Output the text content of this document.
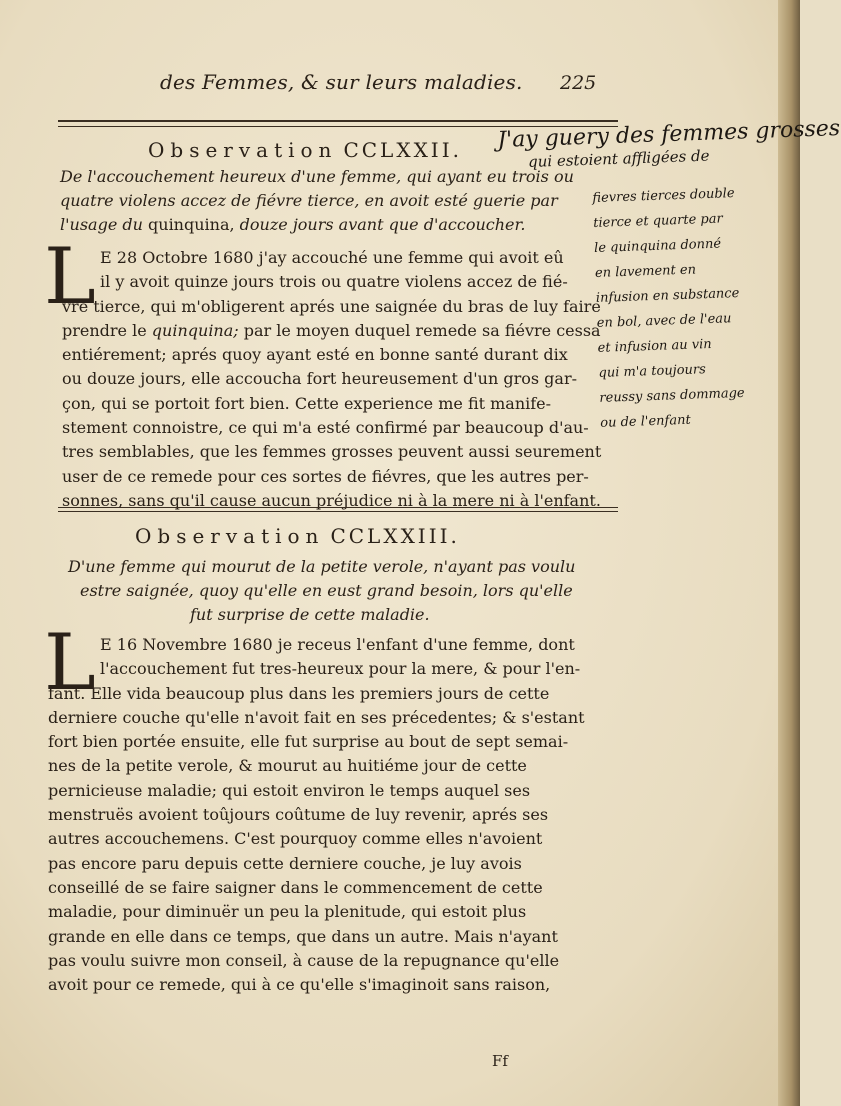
des Femmes, & sur leurs maladies.	225
Observation CCLXXII.

De l'accouchement heureux d'une femme, qui ayant eu trois ou

quatre violens accez de fiévre tierce, en avoit esté guerie par

l'usage du quinquina, douze jours avant que d'accoucher.

L E 28 Octobre 1680 j'ay accouché une femme qui avoit eû

il y avoit quinze jours trois ou quatre violens accez de fié-

vre tierce, qui m'obligerent aprés une saignée du bras de luy faire

prendre le quinquina; par le moyen duquel remede sa fiévre cessa

entiérement; aprés quoy ayant esté en bonne santé durant dix

ou douze jours, elle accoucha fort heureusement d'un gros gar-

çon, qui se portoit fort bien. Cette experience me fit manife-

stement connoistre, ce qui m'a esté confirmé par beaucoup d'au-

tres semblables, que les femmes grosses peuvent aussi seurement

user de ce remede pour ces sortes de fiévres, que les autres per-

sonnes, sans qu'il cause aucun préjudice ni à la mere ni à l'enfant.

Observation CCLXXIII.

D'une femme qui mourut de la petite verole, n'ayant pas voulu

estre saignée, quoy qu'elle en eust grand besoin, lors qu'elle

fut surprise de cette maladie.

L E 16 Novembre 1680 je receus l'enfant d'une femme, dont

l'accouchement fut tres-heureux pour la mere, & pour l'en-

fant. Elle vida beaucoup plus dans les premiers jours de cette

derniere couche qu'elle n'avoit fait en ses précedentes; & s'estant

fort bien portée ensuite, elle fut surprise au bout de sept semai-

nes de la petite verole, & mourut au huitiéme jour de cette

pernicieuse maladie; qui estoit environ le temps auquel ses

menstruës avoient toûjours coûtume de luy revenir, aprés ses

autres accouchemens. C'est pourquoy comme elles n'avoient

pas encore paru depuis cette derniere couche, je luy avois

conseillé de se faire saigner dans le commencement de cette

maladie, pour diminuër un peu la plenitude, qui estoit plus

grande en elle dans ce temps, que dans un autre. Mais n'ayant

pas voulu suivre mon conseil, à cause de la repugnance qu'elle

avoit pour ce remede, qui à ce qu'elle s'imaginoit sans raison,

Ff

J'ay guery des femmes grosses

qui estoient affligées de

fievres tierces double

tierce et quarte par

le quinquina donné

en lavement en

infusion en substance

en bol, avec de l'eau

et infusion au vin

qui m'a toujours

reussy sans dommage

ou de l'enfant
